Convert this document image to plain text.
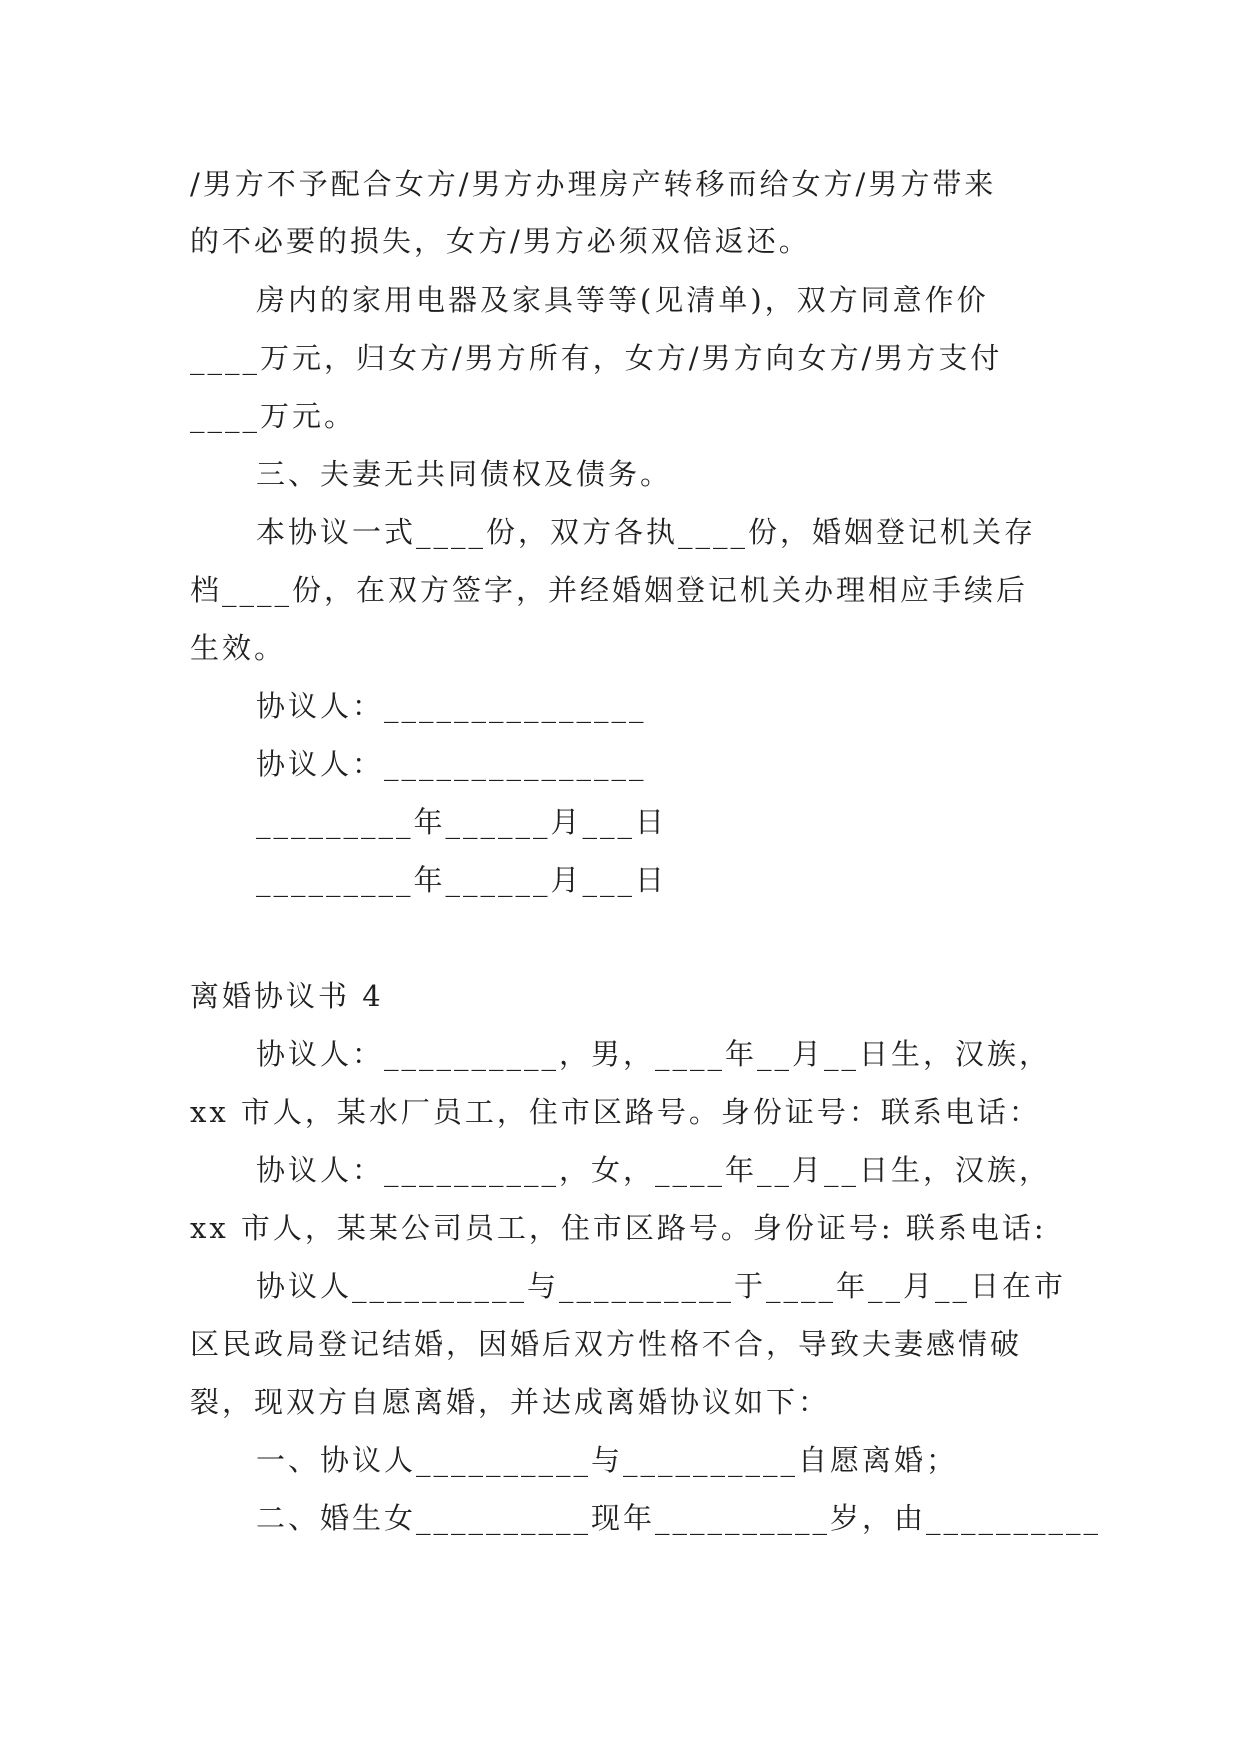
/男方不予配合女方/男方办理房产转移而给女方/男方带来
的不必要的损失，女方/男方必须双倍返还。
房内的家用电器及家具等等(见清单)，双方同意作价
____万元，归女方/男方所有，女方/男方向女方/男方支付
____万元。
三、夫妻无共同债权及债务。
本协议一式____份，双方各执____份，婚姻登记机关存
档____份，在双方签字，并经婚姻登记机关办理相应手续后
生效。
协议人：_______________
协议人：_______________
_________年______月___日
_________年______月___日
离婚协议书 4
协议人：__________，男，____年__月__日生，汉族，
xx 市人，某水厂员工，住市区路号。身份证号：联系电话：
协议人：__________，女，____年__月__日生，汉族，
xx 市人，某某公司员工，住市区路号。身份证号: 联系电话:
协议人__________与__________于____年__月__日在市
区民政局登记结婚，因婚后双方性格不合，导致夫妻感情破
裂，现双方自愿离婚，并达成离婚协议如下：
一、协议人__________与__________自愿离婚；
二、婚生女__________现年__________岁，由__________
